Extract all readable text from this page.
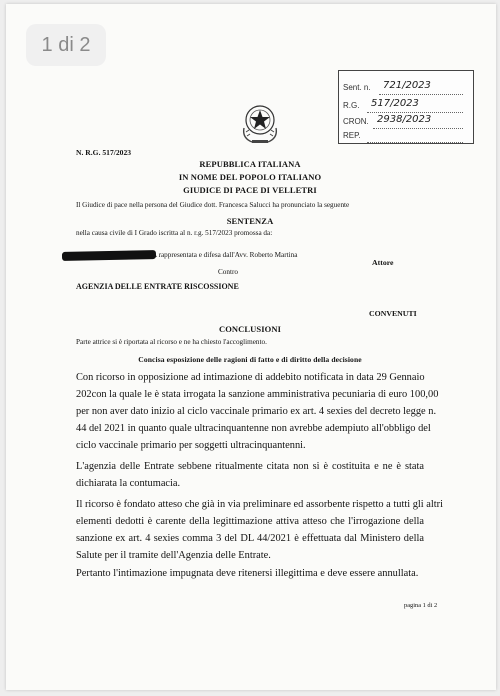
1 di 2
Sent. n. 721/2023
R.G. 517/2023
CRON. 2938/2023
REP.
N. R.G. 517/2023
REPUBBLICA ITALIANA
IN NOME DEL POPOLO ITALIANO
GIUDICE DI PACE DI VELLETRI
Il Giudice di pace nella persona del Giudice dott. Francesca Salucci ha pronunciato la seguente
SENTENZA
nella causa civile di I Grado iscritta al n. r.g. 517/2023 promossa da:
A rappresentata e difesa dall'Avv. Roberto Martina
Attore
Contro
AGENZIA DELLE ENTRATE RISCOSSIONE
CONVENUTI
CONCLUSIONI
Parte attrice si è riportata al ricorso e ne ha chiesto l'accoglimento.
Concisa esposizione delle ragioni di fatto e di diritto della decisione
Con ricorso in opposizione ad intimazione di addebito notificata in data 29 Gennaio
202con la quale le è stata irrogata la sanzione amministrativa pecuniaria di euro 100,00
per non aver dato inizio al ciclo vaccinale primario ex art. 4 sexies del decreto legge n.
44 del 2021 in quanto quale ultracinquantenne non avrebbe adempiuto all'obbligo del
ciclo vaccinale primario per soggetti ultracinquantenni.
L'agenzia delle Entrate sebbene ritualmente citata non si è costituita e ne è stata
dichiarata la contumacia.
Il ricorso è fondato atteso che già in via preliminare ed assorbente rispetto a tutti gli altri
elementi dedotti è carente della legittimazione attiva atteso che l'irrogazione della
sanzione ex art. 4 sexies comma 3 del DL 44/2021 è effettuata dal Ministero della
Salute per il tramite dell'Agenzia delle Entrate.
Pertanto l'intimazione impugnata deve ritenersi illegittima e deve essere annullata.
pagina 1 di 2
